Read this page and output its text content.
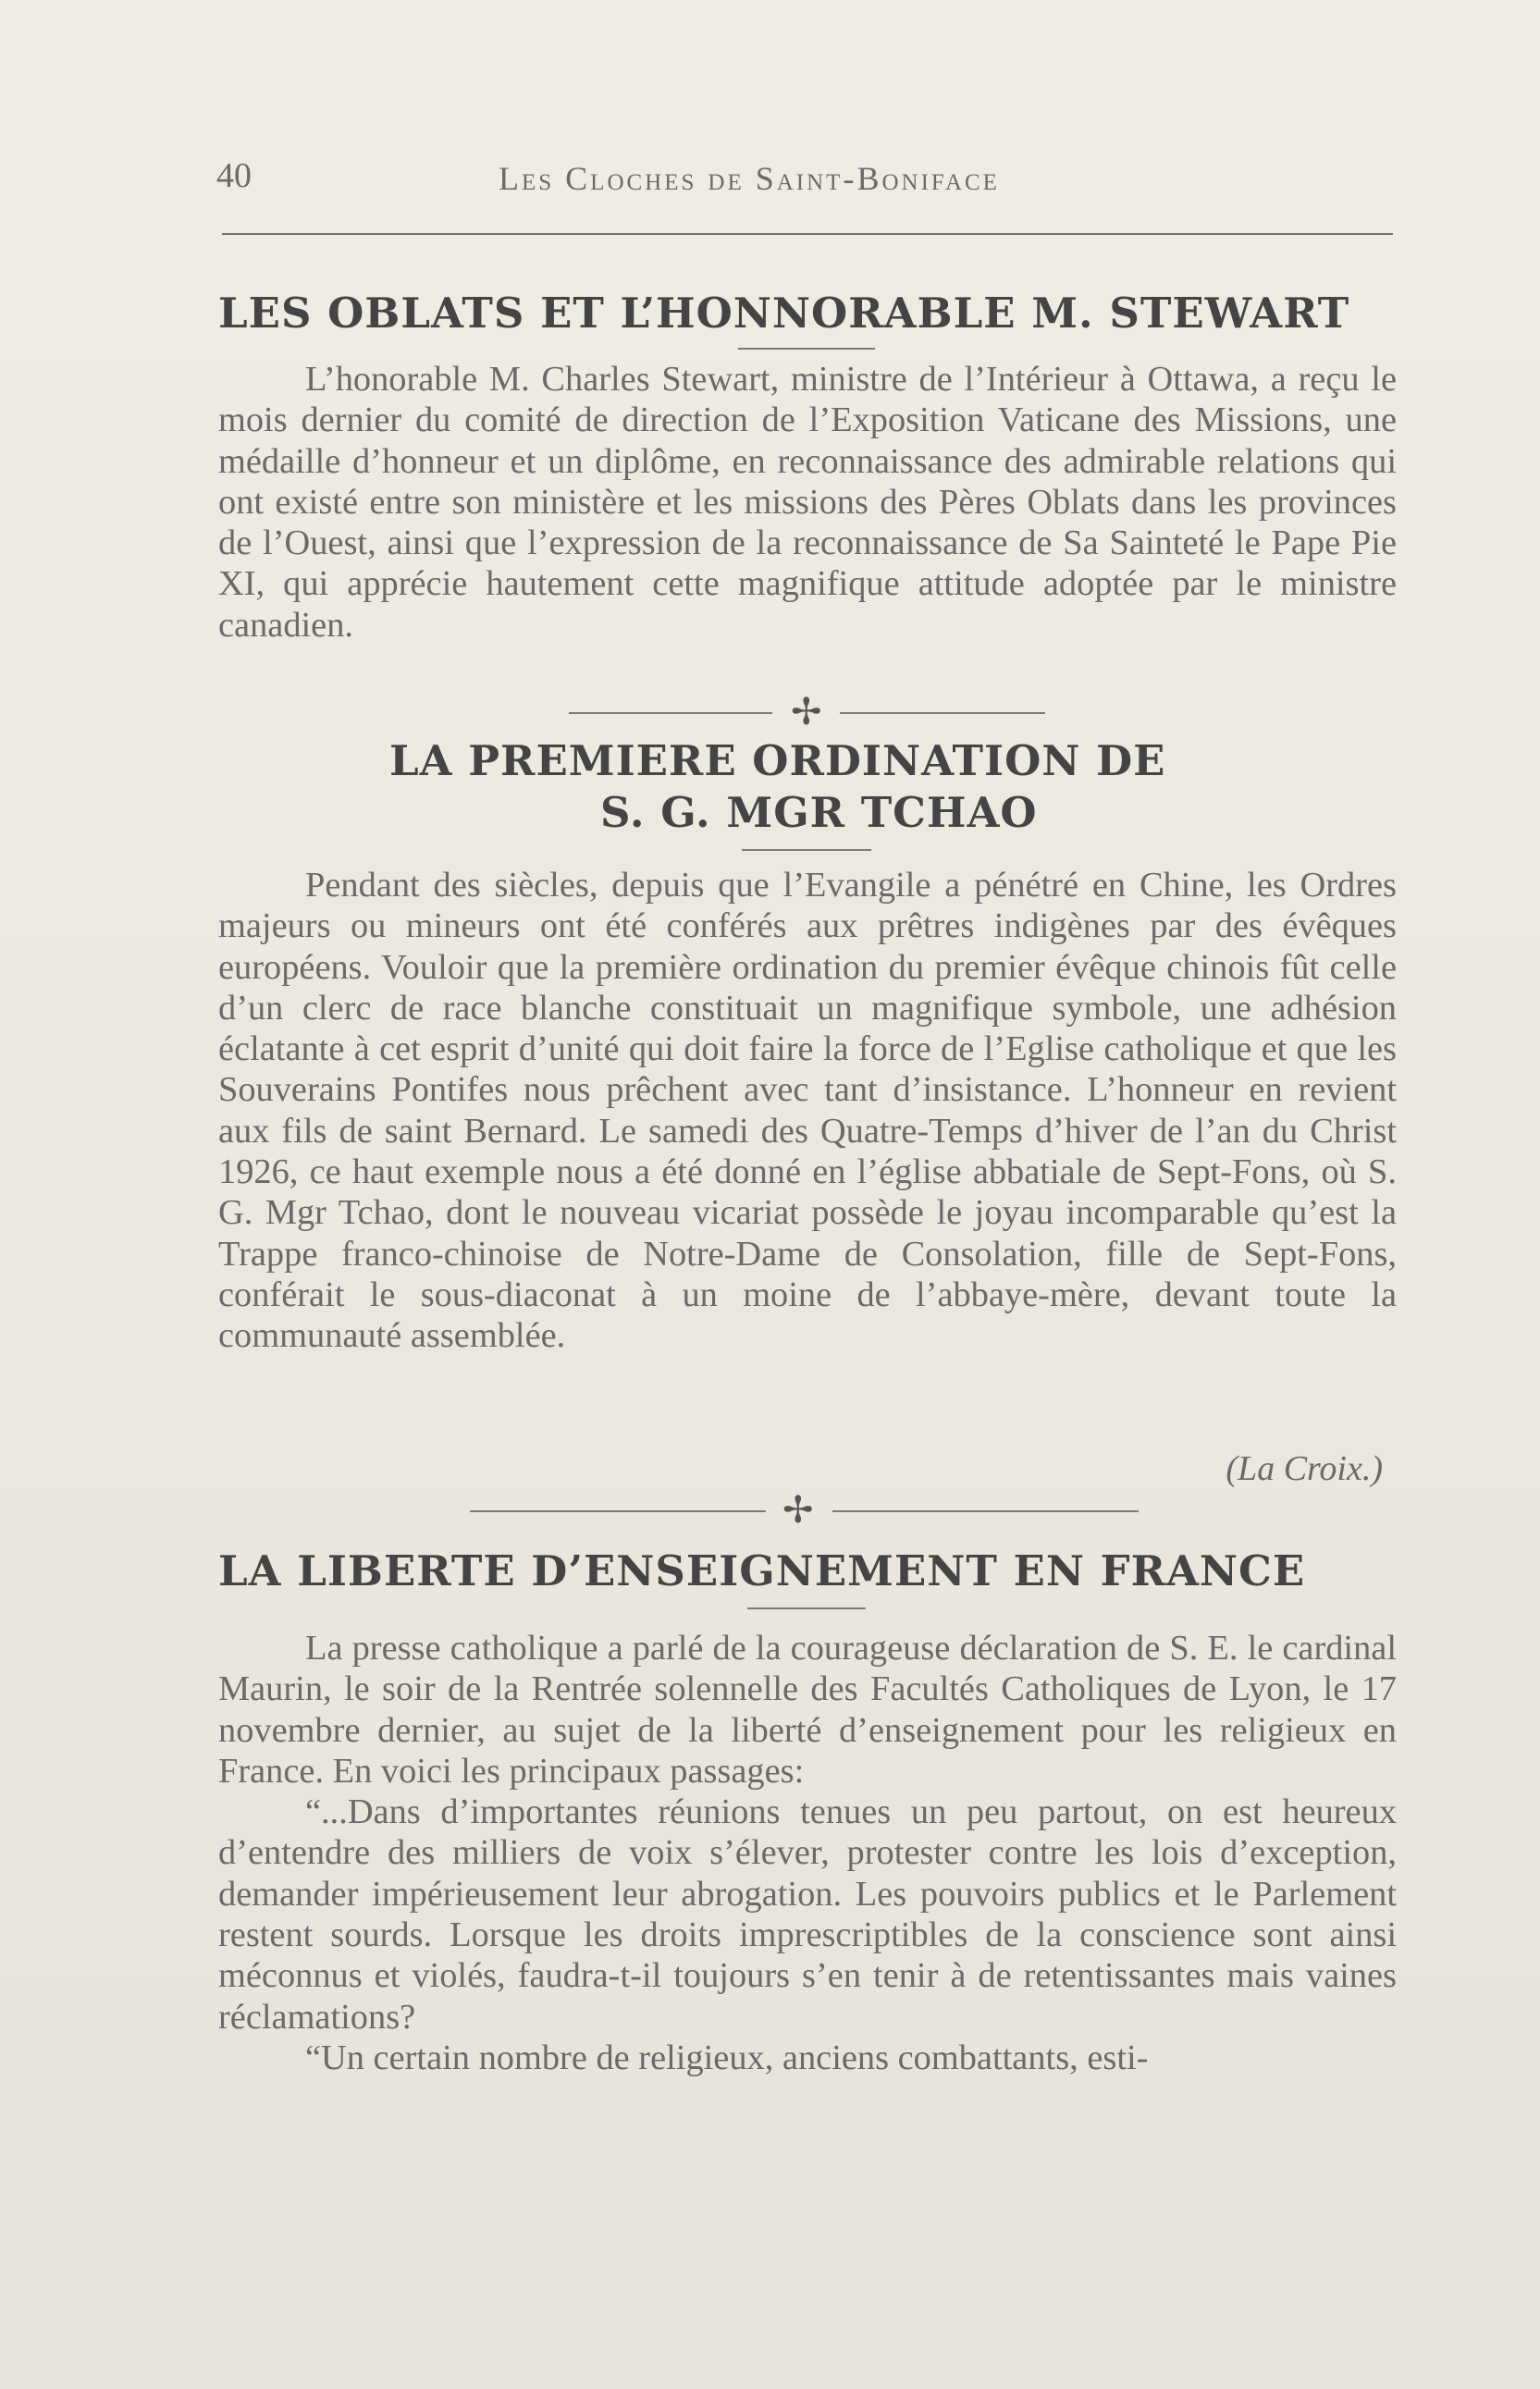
40	Les Cloches de Saint-Boniface
LES OBLATS ET L’HONNORABLE M. STEWART

L’honorable M. Charles Stewart, ministre de l’Intérieur à Ottawa, a reçu le mois dernier du comité de direction de l’Exposition Vaticane des Missions, une médaille d’honneur et un diplôme, en reconnaissance des admirable relations qui ont existé entre son ministère et les missions des Pères Oblats dans les provinces de l’Ouest, ainsi que l’expression de la reconnaissance de Sa Sainteté le Pape Pie XI, qui apprécie hautement cette magnifique attitude adoptée par le ministre canadien.

✢
LA PREMIERE ORDINATION DE
S. G. MGR TCHAO

Pendant des siècles, depuis que l’Evangile a pénétré en Chine, les Ordres majeurs ou mineurs ont été conférés aux prêtres indigènes par des évêques européens. Vouloir que la première ordination du premier évêque chinois fût celle d’un clerc de race blanche constituait un magnifique symbole, une adhésion éclatante à cet esprit d’unité qui doit faire la force de l’Eglise catholique et que les Souverains Pontifes nous prêchent avec tant d’insistance. L’honneur en revient aux fils de saint Bernard. Le samedi des Quatre-Temps d’hiver de l’an du Christ 1926, ce haut exemple nous a été donné en l’église abbatiale de Sept-Fons, où S. G. Mgr Tchao, dont le nouveau vicariat possède le joyau incomparable qu’est la Trappe franco-chinoise de Notre-Dame de Consolation, fille de Sept-Fons, conférait le sous-diaconat à un moine de l’abbaye-mère, devant toute la communauté assemblée.

(La Croix.)
✢
LA LIBERTE D’ENSEIGNEMENT EN FRANCE

La presse catholique a parlé de la courageuse déclaration de S. E. le cardinal Maurin, le soir de la Rentrée solennelle des Facultés Catholiques de Lyon, le 17 novembre dernier, au sujet de la liberté d’enseignement pour les religieux en France. En voici les principaux passages:

“...Dans d’importantes réunions tenues un peu partout, on est heureux d’entendre des milliers de voix s’élever, protester contre les lois d’exception, demander impérieusement leur abrogation. Les pouvoirs publics et le Parlement restent sourds. Lorsque les droits imprescriptibles de la conscience sont ainsi méconnus et violés, faudra-t-il toujours s’en tenir à de retentissantes mais vaines réclamations?

“Un certain nombre de religieux, anciens combattants, esti-
